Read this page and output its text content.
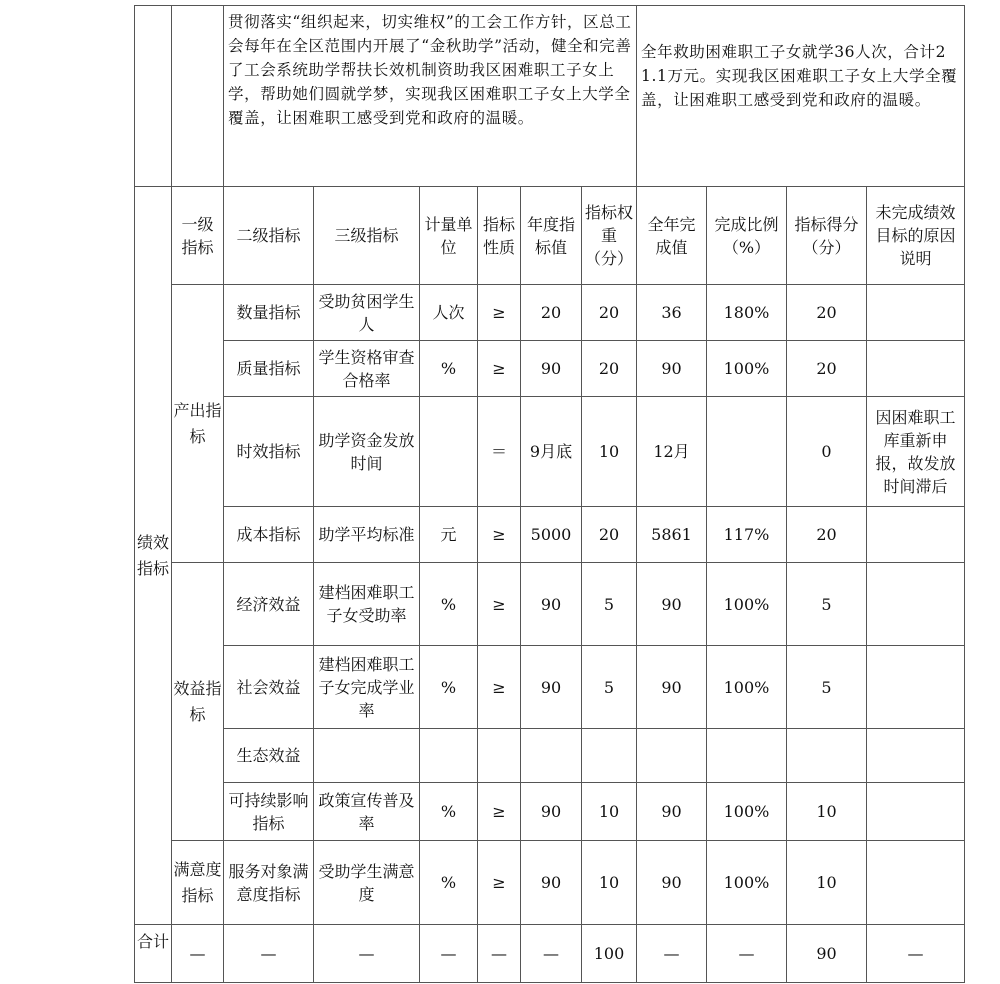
		贯彻落实“组织起来，切实维权”的工会工作方针，区总工会每年在全区范围内开展了“金秋助学”活动，健全和完善了工会系统助学帮扶长效机制资助我区困难职工子女上学，帮助她们圆就学梦，实现我区困难职工子女上大学全覆盖，让困难职工感受到党和政府的温暖。						全年救助困难职工子女就学36人次，合计21.1万元。实现我区困难职工子女上大学全覆盖，让困难职工感受到党和政府的温暖。			
绩效指标	一级指标	二级指标	三级指标	计量单位	指标性质	年度指标值	指标权重（分）	全年完成值	完成比例（%）	指标得分（分）	未完成绩效目标的原因说明
	产出指标	数量指标	受助贫困学生人	人次	≥	20	20	36	180%	20	
		质量指标	学生资格审查合格率	%	≥	90	20	90	100%	20	
		时效指标	助学资金发放时间		＝	9月底	10	12月		0	因困难职工库重新申报，故发放时间滞后
		成本指标	助学平均标准	元	≥	5000	20	5861	117%	20	
	效益指标	经济效益	建档困难职工子女受助率	%	≥	90	5	90	100%	5	
		社会效益	建档困难职工子女完成学业率	%	≥	90	5	90	100%	5	
		生态效益									
		可持续影响指标	政策宣传普及率	%	≥	90	10	90	100%	10	
	满意度指标	服务对象满意度指标	受助学生满意度	%	≥	90	10	90	100%	10	
合计	—	—	—	—	—	—	100	—	—	90	—
